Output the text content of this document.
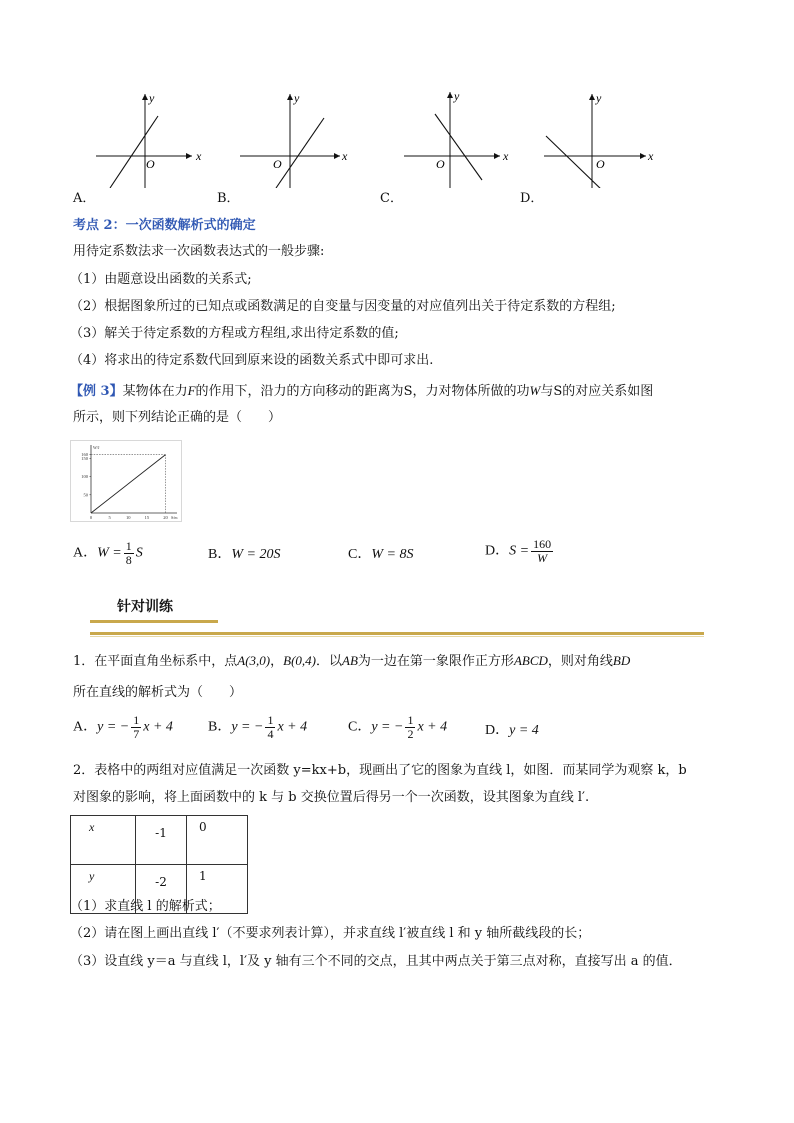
x
y
O
x
y
O
x
y
O
x
y
O
A．	B．	C．	D．
考点 2：一次函数解析式的确定
用待定系数法求一次函数表达式的一般步骤:
（1）由题意设出函数的关系式;
（2）根据图象所过的已知点或函数满足的自变量与因变量的对应值列出关于待定系数的方程组;
（3）解关于待定系数的方程或方程组,求出待定系数的值;
（4）将求出的待定系数代回到原来设的函数关系式中即可求出.
【例 3】某物体在力F的作用下，沿力的方向移动的距离为S，力对物体所做的功W与S的对应关系如图
所示，则下列结论正确的是（　　）
W/J
S/m
160
150
100
50
0	5	10	15	20
A．$W = \frac{1}{8}$ S	B．W = 20S	C．W = 8S	D．$S = \frac{160}{W}$
针对训练
1．在平面直角坐标系中，点A(3,0)，B(0,4)．以AB为一边在第一象限作正方形ABCD，则对角线BD
所在直线的解析式为（　　）
A．y = − $\frac{1}{7}$ x + 4	B．y = − $\frac{1}{4}$ x + 4	C．y = − $\frac{1}{2}$ x + 4	D．y = 4
2．表格中的两组对应值满足一次函数 y=kx+b，现画出了它的图象为直线 l，如图．而某同学为观察 k，b
对图象的影响，将上面函数中的 k 与 b 交换位置后得另一个一次函数，设其图象为直线 l′.
x	-1	0
y	-2	1
（1）求直线 l 的解析式；
（2）请在图上画出直线 l′（不要求列表计算），并求直线 l′被直线 l 和 y 轴所截线段的长；
（3）设直线 y＝a 与直线 l，l′及 y 轴有三个不同的交点，且其中两点关于第三点对称，直接写出 a 的值．
